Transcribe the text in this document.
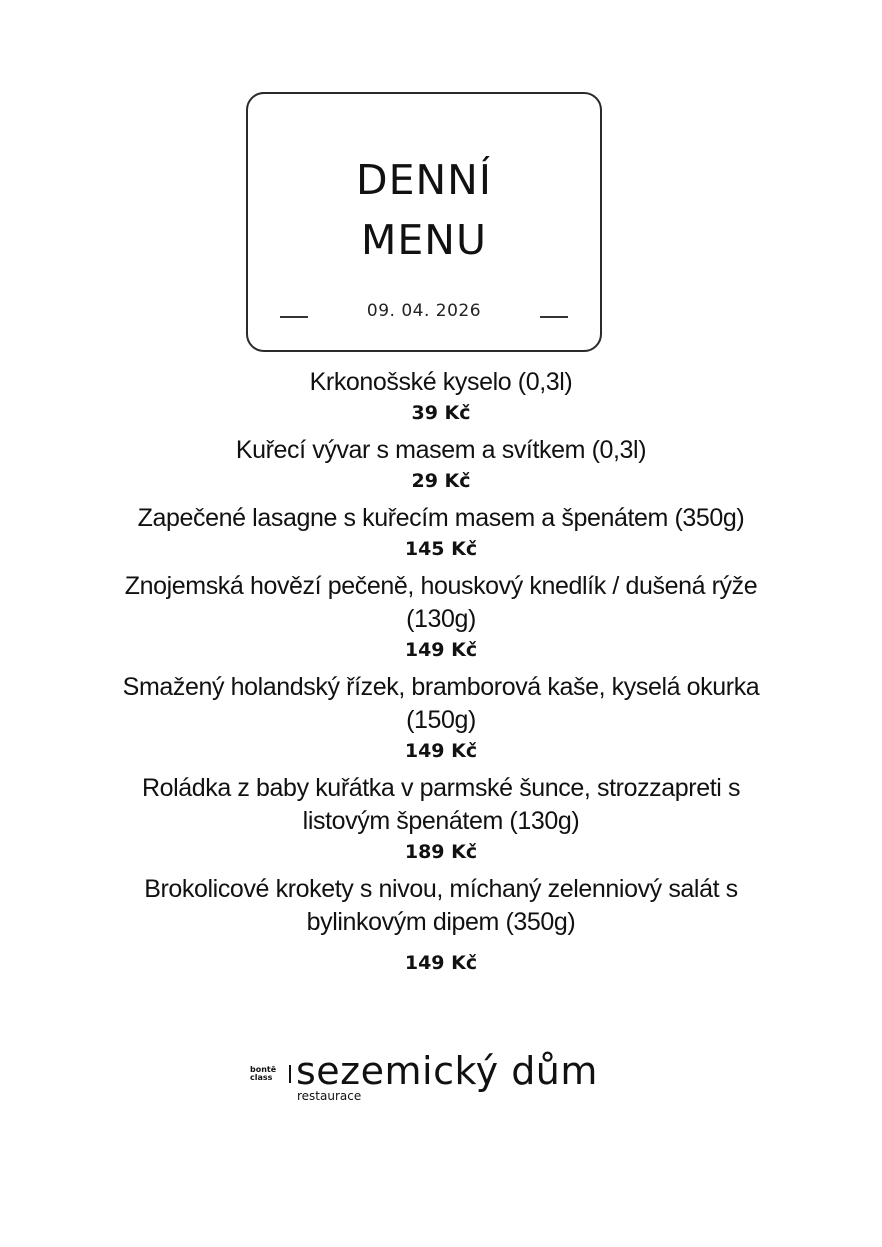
DENNÍ
MENU
09. 04. 2026
Krkonošské kyselo (0,3l)
39 Kč
Kuřecí vývar s masem a svítkem (0,3l)
29 Kč
Zapečené lasagne s kuřecím masem a špenátem (350g)
145 Kč
Znojemská hovězí pečeně, houskový knedlík / dušená rýže (130g)
149 Kč
Smažený holandský řízek, bramborová kaše, kyselá okurka (150g)
149 Kč
Roládka z baby kuřátka v parmské šunce, strozzapreti s listovým špenátem (130g)
189 Kč
Brokolicové krokety s nivou, míchaný zelenniový salát s bylinkovým dipem (350g)
149 Kč
bontē
class sezemický dům
restaurace
